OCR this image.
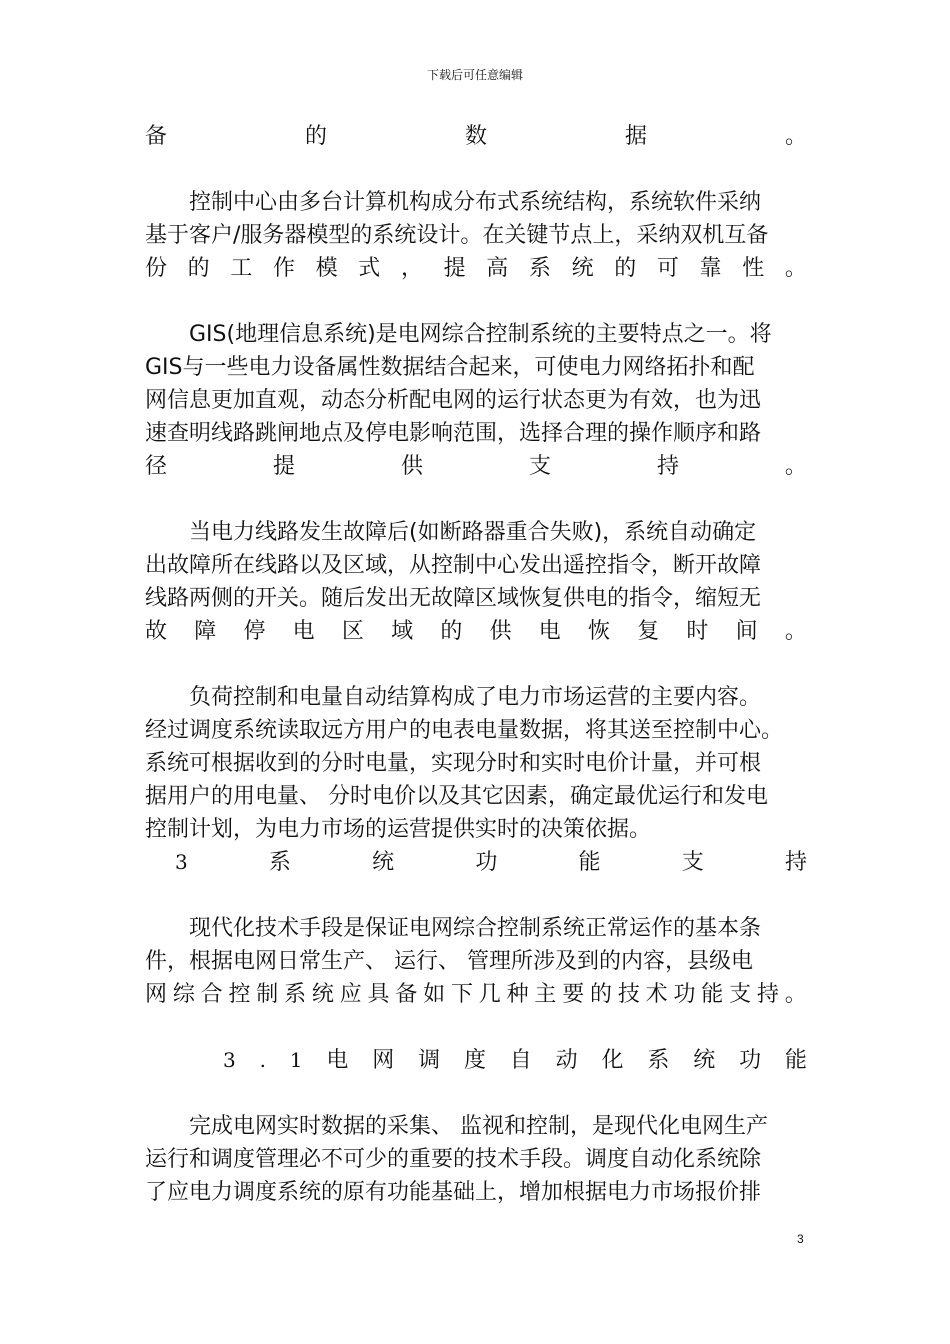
下载后可任意编辑
备	的	数	据	。
控制中心由多台计算机构成分布式系统结构，系统软件采纳
基于客户/服务器模型的系统设计。在关键节点上，采纳双机互备
份 的 工 作 模 式 ， 提 高 系 统 的 可 靠 性 。
GIS(地理信息系统)是电网综合控制系统的主要特点之一。将
GIS与一些电力设备属性数据结合起来，可使电力网络拓扑和配
网信息更加直观，动态分析配电网的运行状态更为有效，也为迅
速查明线路跳闸地点及停电影响范围，选择合理的操作顺序和路
径	提	供	支	持	。
当电力线路发生故障后(如断路器重合失败)，系统自动确定
出故障所在线路以及区域，从控制中心发出遥控指令，断开故障
线路两侧的开关。随后发出无故障区域恢复供电的指令，缩短无
故 障 停 电 区 域 的 供 电 恢 复 时 间 。
负荷控制和电量自动结算构成了电力市场运营的主要内容。
经过调度系统读取远方用户的电表电量数据，将其送至控制中心。
系统可根据收到的分时电量，实现分时和实时电价计量，并可根
据用户的用电量、 分时电价以及其它因素，确定最优运行和发电
控制计划，为电力市场的运营提供实时的决策依据。
3	系	统	功	能	支	持
现代化技术手段是保证电网综合控制系统正常运作的基本条
件，根据电网日常生产、 运行、 管理所涉及到的内容，县级电
网 综 合 控 制 系 统 应 具 备 如 下 几 种 主 要 的 技 术 功 能 支 持 。
3 . 1 电 网 调 度 自 动 化 系 统 功 能
完成电网实时数据的采集、 监视和控制，是现代化电网生产
运行和调度管理必不可少的重要的技术手段。调度自动化系统除
了应电力调度系统的原有功能基础上，增加根据电力市场报价排
3
